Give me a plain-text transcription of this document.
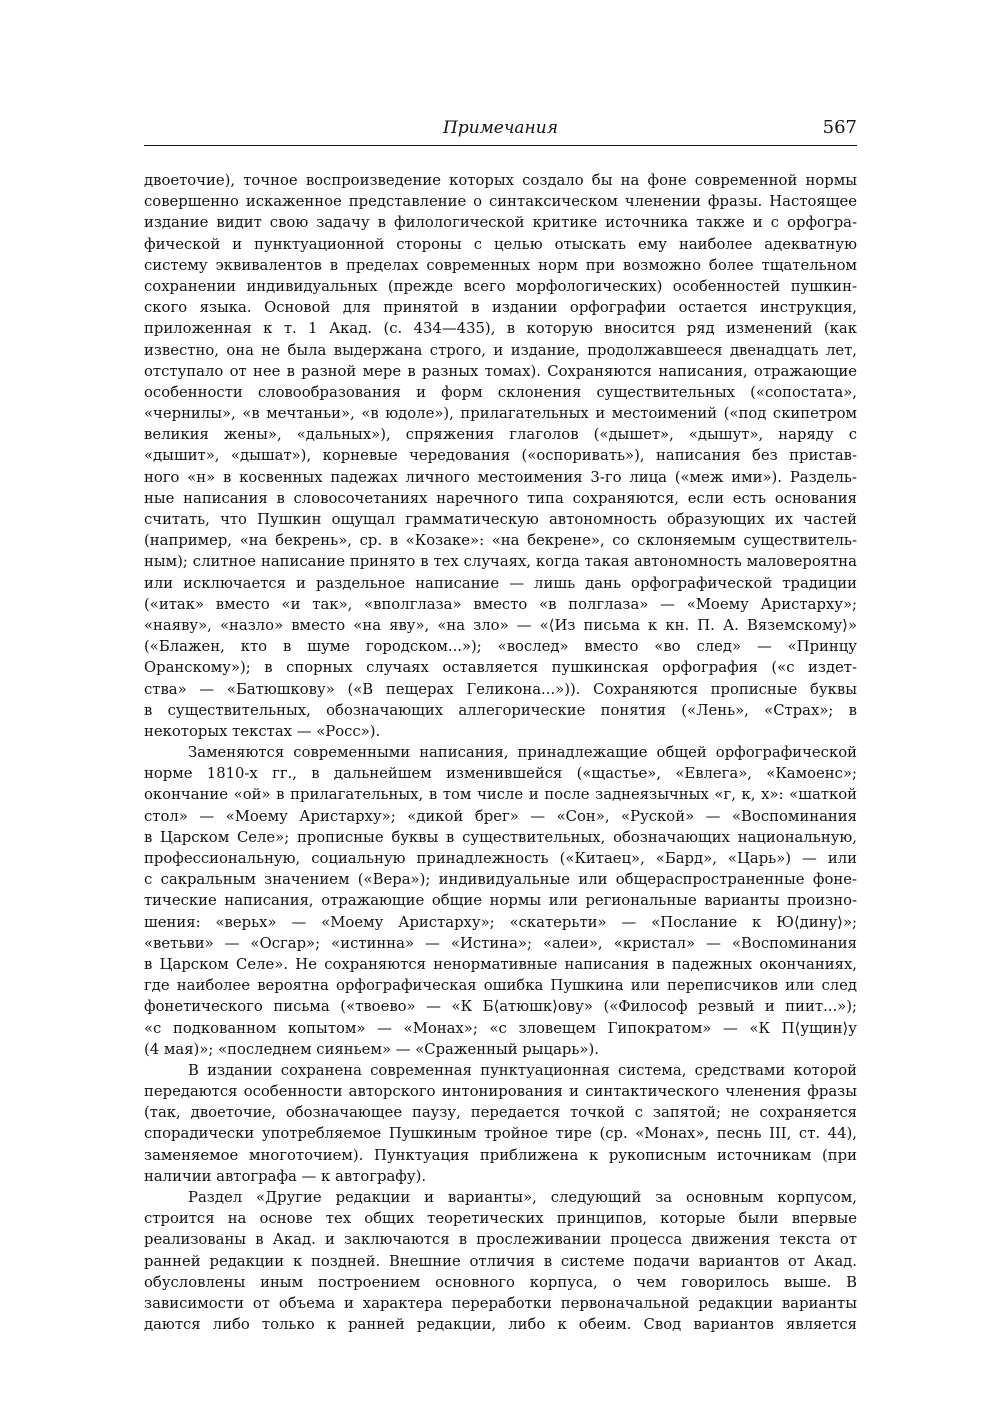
Примечания	567
двоеточие), точное воспроизведение которых создало бы на фоне современной нормы
совершенно искаженное представление о синтаксическом членении фразы. Настоящее
издание видит свою задачу в филологической критике источника также и с орфогра-
фической и пунктуационной стороны с целью отыскать ему наиболее адекватную
систему эквивалентов в пределах современных норм при возможно более тщательном
сохранении индивидуальных (прежде всего морфологических) особенностей пушкин-
ского языка. Основой для принятой в издании орфографии остается инструкция,
приложенная к т. 1 Акад. (с. 434—435), в которую вносится ряд изменений (как
известно, она не была выдержана строго, и издание, продолжавшееся двенадцать лет,
отступало от нее в разной мере в разных томах). Сохраняются написания, отражающие
особенности словообразования и форм склонения существительных («сопостата»,
«чернилы», «в мечтаньи», «в юдоле»), прилагательных и местоимений («под скипетром
великия жены», «дальных»), спряжения глаголов («дышет», «дышут», наряду с
«дышит», «дышат»), корневые чередования («оспоривать»), написания без пристав-
ного «н» в косвенных падежах личного местоимения 3-го лица («меж ими»). Раздель-
ные написания в словосочетаниях наречного типа сохраняются, если есть основания
считать, что Пушкин ощущал грамматическую автономность образующих их частей
(например, «на бекрень», ср. в «Козаке»: «на бекрене», со склоняемым существитель-
ным); слитное написание принято в тех случаях, когда такая автономность маловероятна
или исключается и раздельное написание — лишь дань орфографической традиции
(«итак» вместо «и так», «вполглаза» вместо «в полглаза» — «Моему Аристарху»;
«наяву», «назло» вместо «на яву», «на зло» — «⟨Из письма к кн. П. А. Вяземскому⟩»
(«Блажен, кто в шуме городском...»); «вослед» вместо «во след» — «Принцу
Оранскому»); в спорных случаях оставляется пушкинская орфография («с издет-
ства» — «Батюшкову» («В пещерах Геликона...»)). Сохраняются прописные буквы
в существительных, обозначающих аллегорические понятия («Лень», «Страх»; в
некоторых текстах — «Росс»).
Заменяются современными написания, принадлежащие общей орфографической
норме 1810-х гг., в дальнейшем изменившейся («щастье», «Евлега», «Камоенс»;
окончание «ой» в прилагательных, в том числе и после заднеязычных «г, к, х»: «шаткой
стол» — «Моему Аристарху»; «дикой брег» — «Сон», «Руской» — «Воспоминания
в Царском Селе»; прописные буквы в существительных, обозначающих национальную,
профессиональную, социальную принадлежность («Китаец», «Бард», «Царь») — или
с сакральным значением («Вера»); индивидуальные или общераспространенные фоне-
тические написания, отражающие общие нормы или региональные варианты произно-
шения: «верьх» — «Моему Аристарху»; «скатерьти» — «Послание к Ю⟨дину⟩»;
«ветьви» — «Осгар»; «истинна» — «Истина»; «алеи», «кристал» — «Воспоминания
в Царском Селе». Не сохраняются ненормативные написания в падежных окончаниях,
где наиболее вероятна орфографическая ошибка Пушкина или переписчиков или след
фонетического письма («твоево» — «К Б⟨атюшк⟩ову» («Философ резвый и пиит...»);
«с подкованном копытом» — «Монах»; «с зловещем Гипократом» — «К П⟨ущин⟩у
(4 мая)»; «последнем сияньем» — «Сраженный рыцарь»).
В издании сохранена современная пунктуационная система, средствами которой
передаются особенности авторского интонирования и синтактического членения фразы
(так, двоеточие, обозначающее паузу, передается точкой с запятой; не сохраняется
спорадически употребляемое Пушкиным тройное тире (ср. «Монах», песнь III, ст. 44),
заменяемое многоточием). Пунктуация приближена к рукописным источникам (при
наличии автографа — к автографу).
Раздел «Другие редакции и варианты», следующий за основным корпусом,
строится на основе тех общих теоретических принципов, которые были впервые
реализованы в Акад. и заключаются в прослеживании процесса движения текста от
ранней редакции к поздней. Внешние отличия в системе подачи вариантов от Акад.
обусловлены иным построением основного корпуса, о чем говорилось выше. В
зависимости от объема и характера переработки первоначальной редакции варианты
даются либо только к ранней редакции, либо к обеим. Свод вариантов является
